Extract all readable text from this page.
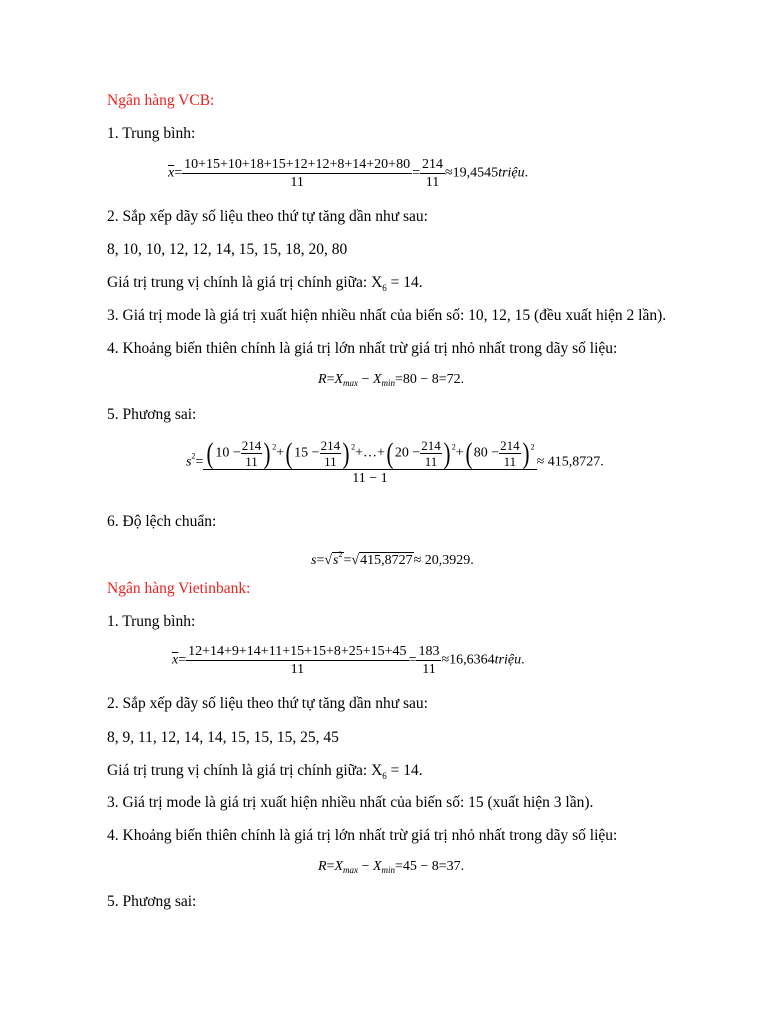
Ngân hàng VCB:
1. Trung bình:
$\overline{x}= \frac{10+15+10+18+15+12+12+8+14+20+80}{11} = \frac{214}{11}$ ≈19,4545triệu.
2. Sắp xếp dãy số liệu theo thứ tự tăng dần như sau:
8, 10, 10, 12, 12, 14, 15, 15, 18, 20, 80
Giá trị trung vị chính là giá trị chính giữa: $X_6 = 14$.
3. Giá trị mode là giá trị xuất hiện nhiều nhất của biến số: 10, 12, 15 (đều xuất hiện 2 lần).
4. Khoảng biến thiên chính là giá trị lớn nhất trừ giá trị nhỏ nhất trong dãy số liệu:
$R=X_{max} - X_{min}=80 - 8=72$.
5. Phương sai:
$s^2= \frac{( 10 - \frac{214}{11} ) ^2+( 15 - \frac{214}{11} ) ^2+\dots+( 20 - \frac{214}{11} ) ^2+( 80 - \frac{214}{11} ) ^2}{11 - 1} \approx 415,8727$.
6. Độ lệch chuẩn:
$s=√s^2=√415,8727\approx 20,3929$.
Ngân hàng Vietinbank:
1. Trung bình:
$\overline{x}= \frac{12+14+9+14+11+15+15+8+25+15+45}{11} = \frac{183}{11}$ ≈16,6364triệu.
2. Sắp xếp dãy số liệu theo thứ tự tăng dần như sau:
8, 9, 11, 12, 14, 14, 15, 15, 15, 25, 45
Giá trị trung vị chính là giá trị chính giữa: $X_6 = 14$.
3. Giá trị mode là giá trị xuất hiện nhiều nhất của biến số: 15 (xuất hiện 3 lần).
4. Khoảng biến thiên chính là giá trị lớn nhất trừ giá trị nhỏ nhất trong dãy số liệu:
$R=X_{max} - X_{min}=45 - 8=37$.
5. Phương sai:
